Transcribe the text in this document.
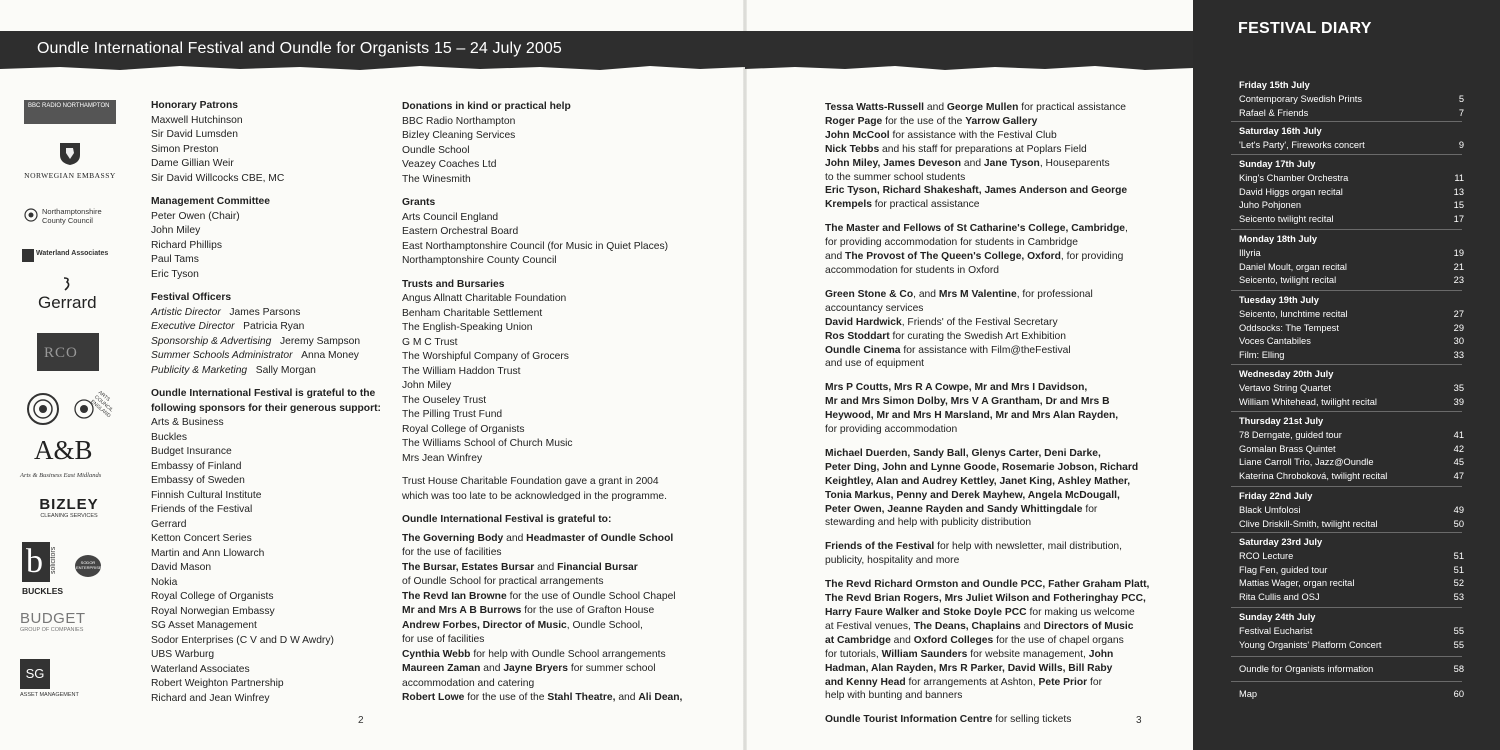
Oundle International Festival and Oundle for Organists 15 – 24 July 2005
BBC RADIO NORTHAMPTON
NORWEGIAN EMBASSY
Northamptonshire
County Council
Waterland Associates
Gerrard
RCO
ARTS COUNCIL ENGLAND
A&B
Arts & Business East Midlands
BIZLEY
CLEANING SERVICES
b solicitors
BUCKLES
SODOR ENTERPRISES
BUDGET
GROUP OF COMPANIES
SG
ASSET MANAGEMENT
Honorary Patrons
Maxwell Hutchinson
Sir David Lumsden
Simon Preston
Dame Gillian Weir
Sir David Willcocks CBE, MC
Management Committee
Peter Owen (Chair)
John Miley
Richard Phillips
Paul Tams
Eric Tyson
Festival Officers
Artistic Director James Parsons
Executive Director Patricia Ryan
Sponsorship & Advertising Jeremy Sampson
Summer Schools Administrator Anna Money
Publicity & Marketing Sally Morgan
Oundle International Festival is grateful to the
following sponsors for their generous support:
Arts & Business
Buckles
Budget Insurance
Embassy of Finland
Embassy of Sweden
Finnish Cultural Institute
Friends of the Festival
Gerrard
Ketton Concert Series
Martin and Ann Llowarch
David Mason
Nokia
Royal College of Organists
Royal Norwegian Embassy
SG Asset Management
Sodor Enterprises (C V and D W Awdry)
UBS Warburg
Waterland Associates
Robert Weighton Partnership
Richard and Jean Winfrey
Donations in kind or practical help
BBC Radio Northampton
Bizley Cleaning Services
Oundle School
Veazey Coaches Ltd
The Winesmith
Grants
Arts Council England
Eastern Orchestral Board
East Northamptonshire Council (for Music in Quiet Places)
Northamptonshire County Council
Trusts and Bursaries
Angus Allnatt Charitable Foundation
Benham Charitable Settlement
The English-Speaking Union
G M C Trust
The Worshipful Company of Grocers
The William Haddon Trust
John Miley
The Ouseley Trust
The Pilling Trust Fund
Royal College of Organists
The Williams School of Church Music
Mrs Jean Winfrey
Trust House Charitable Foundation gave a grant in 2004
which was too late to be acknowledged in the programme.
Oundle International Festival is grateful to:
The Governing Body and Headmaster of Oundle School
for the use of facilities
The Bursar, Estates Bursar and Financial Bursar
of Oundle School for practical arrangements
The Revd Ian Browne for the use of Oundle School Chapel
Mr and Mrs A B Burrows for the use of Grafton House
Andrew Forbes, Director of Music, Oundle School,
for use of facilities
Cynthia Webb for help with Oundle School arrangements
Maureen Zaman and Jayne Bryers for summer school
accommodation and catering
Robert Lowe for the use of the Stahl Theatre, and Ali Dean,
2
Tessa Watts-Russell and George Mullen for practical assistance
Roger Page for the use of the Yarrow Gallery
John McCool for assistance with the Festival Club
Nick Tebbs and his staff for preparations at Poplars Field
John Miley, James Deveson and Jane Tyson, Houseparents
to the summer school students
Eric Tyson, Richard Shakeshaft, James Anderson and George
Krempels for practical assistance
The Master and Fellows of St Catharine's College, Cambridge,
for providing accommodation for students in Cambridge
and The Provost of The Queen's College, Oxford, for providing
accommodation for students in Oxford
Green Stone & Co, and Mrs M Valentine, for professional
accountancy services
David Hardwick, Friends' of the Festival Secretary
Ros Stoddart for curating the Swedish Art Exhibition
Oundle Cinema for assistance with Film@theFestival
and use of equipment
Mrs P Coutts, Mrs R A Cowpe, Mr and Mrs I Davidson,
Mr and Mrs Simon Dolby, Mrs V A Grantham, Dr and Mrs B
Heywood, Mr and Mrs H Marsland, Mr and Mrs Alan Rayden,
for providing accommodation
Michael Duerden, Sandy Ball, Glenys Carter, Deni Darke,
Peter Ding, John and Lynne Goode, Rosemarie Jobson, Richard
Keightley, Alan and Audrey Kettley, Janet King, Ashley Mather,
Tonia Markus, Penny and Derek Mayhew, Angela McDougall,
Peter Owen, Jeanne Rayden and Sandy Whittingdale for
stewarding and help with publicity distribution
Friends of the Festival for help with newsletter, mail distribution,
publicity, hospitality and more
The Revd Richard Ormston and Oundle PCC, Father Graham Platt,
The Revd Brian Rogers, Mrs Juliet Wilson and Fotheringhay PCC,
Harry Faure Walker and Stoke Doyle PCC for making us welcome
at Festival venues, The Deans, Chaplains and Directors of Music
at Cambridge and Oxford Colleges for the use of chapel organs
for tutorials, William Saunders for website management, John
Hadman, Alan Rayden, Mrs R Parker, David Wills, Bill Raby
and Kenny Head for arrangements at Ashton, Pete Prior for
help with bunting and banners
Oundle Tourist Information Centre for selling tickets	3
FESTIVAL DIARY
Friday 15th July
Contemporary Swedish Prints	5
Rafael & Friends	7
Saturday 16th July
'Let's Party', Fireworks concert	9
Sunday 17th July
King's Chamber Orchestra	11
David Higgs organ recital	13
Juho Pohjonen	15
Seicento twilight recital	17
Monday 18th July
Illyria	19
Daniel Moult, organ recital	21
Seicento, twilight recital	23
Tuesday 19th July
Seicento, lunchtime recital	27
Oddsocks: The Tempest	29
Voces Cantabiles	30
Film: Elling	33
Wednesday 20th July
Vertavo String Quartet	35
William Whitehead, twilight recital	39
Thursday 21st July
78 Derngate, guided tour	41
Gomalan Brass Quintet	42
Liane Carroll Trio, Jazz@Oundle	45
Katerina Chroboková, twilight recital	47
Friday 22nd July
Black Umfolosi	49
Clive Driskill-Smith, twilight recital	50
Saturday 23rd July
RCO Lecture	51
Flag Fen, guided tour	51
Mattias Wager, organ recital	52
Rita Cullis and OSJ	53
Sunday 24th July
Festival Eucharist	55
Young Organists' Platform Concert	55
Oundle for Organists information	58
Map	60
